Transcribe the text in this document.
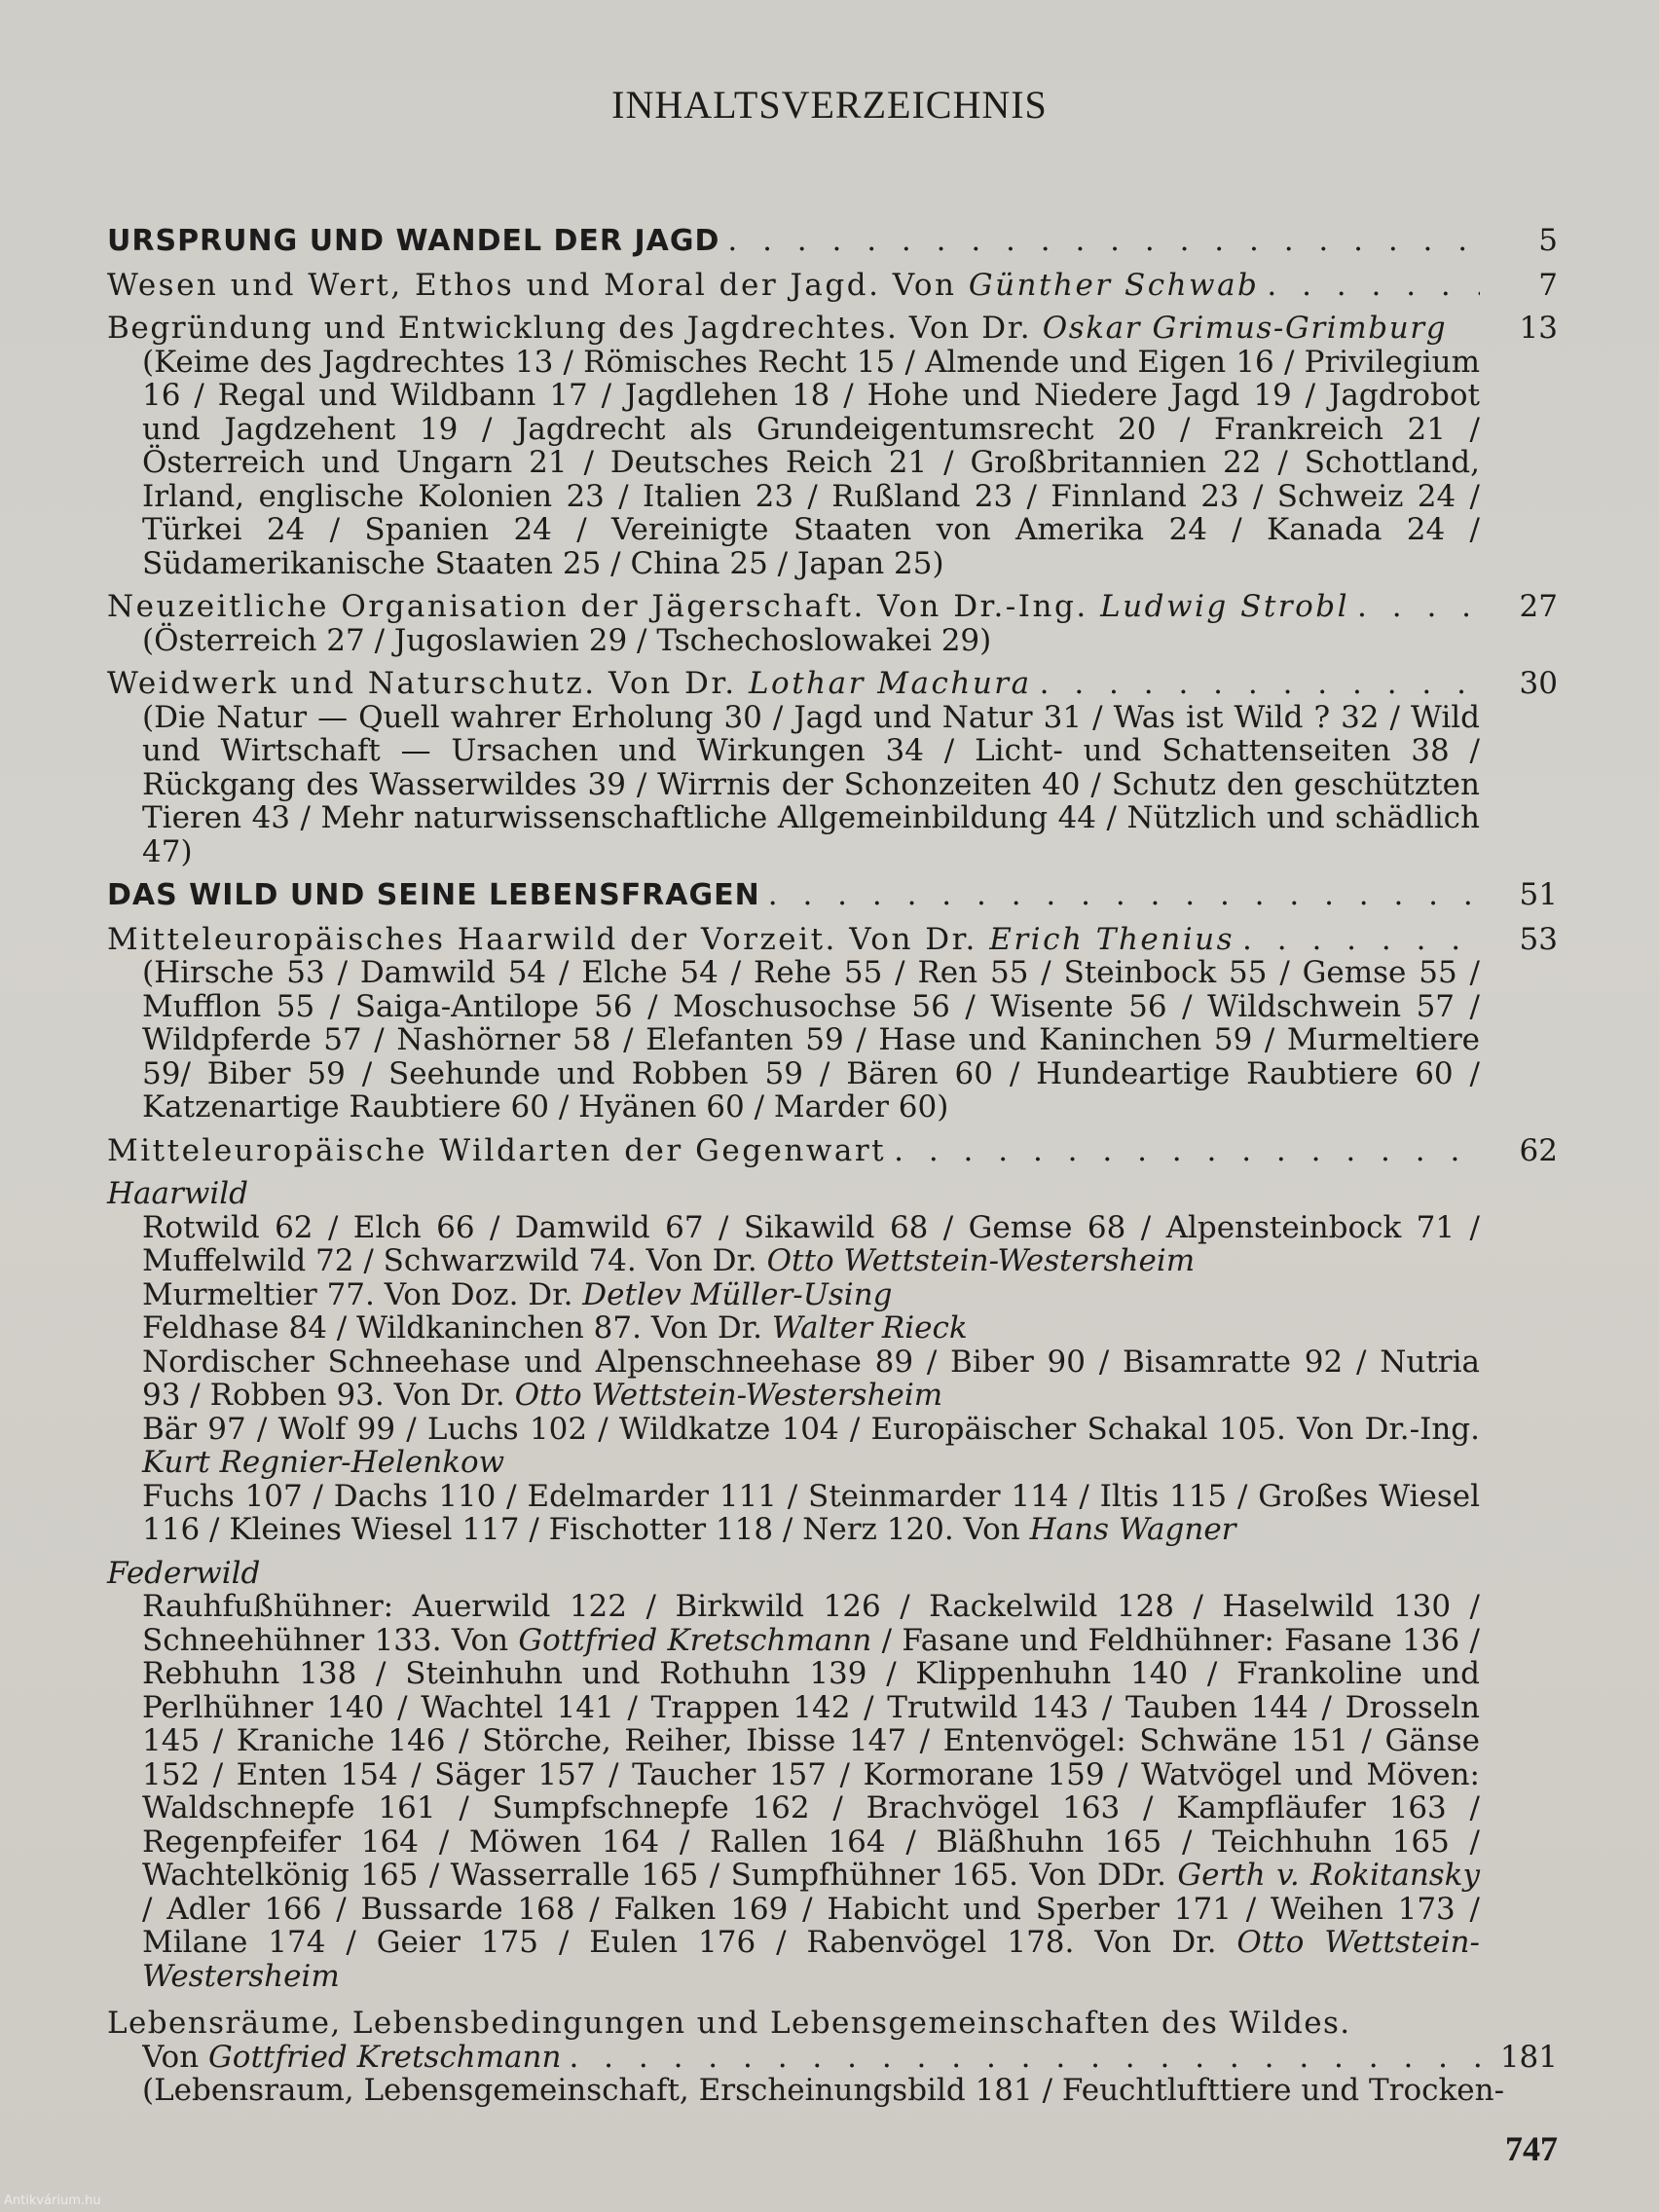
INHALTSVERZEICHNIS
URSPRUNG UND WANDEL DER JAGD . . .	5
Wesen und Wert, Ethos und Moral der Jagd. Von Günther Schwab . . .	7
Begründung und Entwicklung des Jagdrechtes. Von Dr. Oskar Grimus-Grimburg	13

(Keime des Jagdrechtes 13 / Römisches Recht 15 / Almende und Eigen 16 / Privilegium 16 / Regal und Wildbann 17 / Jagdlehen 18 / Hohe und Niedere Jagd 19 / Jagdrobot und Jagdzehent 19 / Jagdrecht als Grundeigentumsrecht 20 / Frankreich 21 / Österreich und Ungarn 21 / Deutsches Reich 21 / Großbritannien 22 / Schottland, Irland, englische Kolonien 23 / Italien 23 / Rußland 23 / Finnland 23 / Schweiz 24 / Türkei 24 / Spanien 24 / Vereinigte Staaten von Amerika 24 / Kanada 24 / Südamerikanische Staaten 25 / China 25 / Japan 25)

Neuzeitliche Organisation der Jägerschaft. Von Dr.-Ing. Ludwig Strobl . . .	27

(Österreich 27 / Jugoslawien 29 / Tschechoslowakei 29)

Weidwerk und Naturschutz. Von Dr. Lothar Machura . . .	30

(Die Natur — Quell wahrer Erholung 30 / Jagd und Natur 31 / Was ist Wild ? 32 / Wild und Wirtschaft — Ursachen und Wirkungen 34 / Licht- und Schattenseiten 38 / Rückgang des Wasserwildes 39 / Wirrnis der Schonzeiten 40 / Schutz den geschützten Tieren 43 / Mehr naturwissenschaftliche Allgemeinbildung 44 / Nützlich und schädlich 47)

DAS WILD UND SEINE LEBENSFRAGEN . . .	51
Mitteleuropäisches Haarwild der Vorzeit. Von Dr. Erich Thenius . . .	53

(Hirsche 53 / Damwild 54 / Elche 54 / Rehe 55 / Ren 55 / Steinbock 55 / Gemse 55 / Mufflon 55 / Saiga-Antilope 56 / Moschusochse 56 / Wisente 56 / Wildschwein 57 / Wildpferde 57 / Nashörner 58 / Elefanten 59 / Hase und Kaninchen 59 / Murmeltiere 59/ Biber 59 / Seehunde und Robben 59 / Bären 60 / Hundeartige Raubtiere 60 / Katzenartige Raubtiere 60 / Hyänen 60 / Marder 60)

Mitteleuropäische Wildarten der Gegenwart . . .	62
Haarwild

Rotwild 62 / Elch 66 / Damwild 67 / Sikawild 68 / Gemse 68 / Alpensteinbock 71 / Muffelwild 72 / Schwarzwild 74. Von Dr. Otto Wettstein-Westersheim

Murmeltier 77. Von Doz. Dr. Detlev Müller-Using

Feldhase 84 / Wildkaninchen 87. Von Dr. Walter Rieck

Nordischer Schneehase und Alpenschneehase 89 / Biber 90 / Bisamratte 92 / Nutria 93 / Robben 93. Von Dr. Otto Wettstein-Westersheim

Bär 97 / Wolf 99 / Luchs 102 / Wildkatze 104 / Europäischer Schakal 105. Von Dr.-Ing. Kurt Regnier-Helenkow

Fuchs 107 / Dachs 110 / Edelmarder 111 / Steinmarder 114 / Iltis 115 / Großes Wiesel 116 / Kleines Wiesel 117 / Fischotter 118 / Nerz 120. Von Hans Wagner

Federwild

Rauhfußhühner: Auerwild 122 / Birkwild 126 / Rackelwild 128 / Haselwild 130 / Schneehühner 133. Von Gottfried Kretschmann / Fasane und Feldhühner: Fasane 136 / Rebhuhn 138 / Steinhuhn und Rothuhn 139 / Klippenhuhn 140 / Frankoline und Perlhühner 140 / Wachtel 141 / Trappen 142 / Trutwild 143 / Tauben 144 / Drosseln 145 / Kraniche 146 / Störche, Reiher, Ibisse 147 / Entenvögel: Schwäne 151 / Gänse 152 / Enten 154 / Säger 157 / Taucher 157 / Kormorane 159 / Watvögel und Möven: Waldschnepfe 161 / Sumpfschnepfe 162 / Brachvögel 163 / Kampfläufer 163 / Regenpfeifer 164 / Möwen 164 / Rallen 164 / Bläßhuhn 165 / Teichhuhn 165 / Wachtelkönig 165 / Wasserralle 165 / Sumpfhühner 165. Von DDr. Gerth v. Rokitansky / Adler 166 / Bussarde 168 / Falken 169 / Habicht und Sperber 171 / Weihen 173 / Milane 174 / Geier 175 / Eulen 176 / Rabenvögel 178. Von Dr. Otto Wettstein-Westersheim

Lebensräume, Lebensbedingungen und Lebensgemeinschaften des Wildes.
Von Gottfried Kretschmann . . .	181

(Lebensraum, Lebensgemeinschaft, Erscheinungsbild 181 / Feuchtlufttiere und Trocken-

747
Antikvárium.hu
